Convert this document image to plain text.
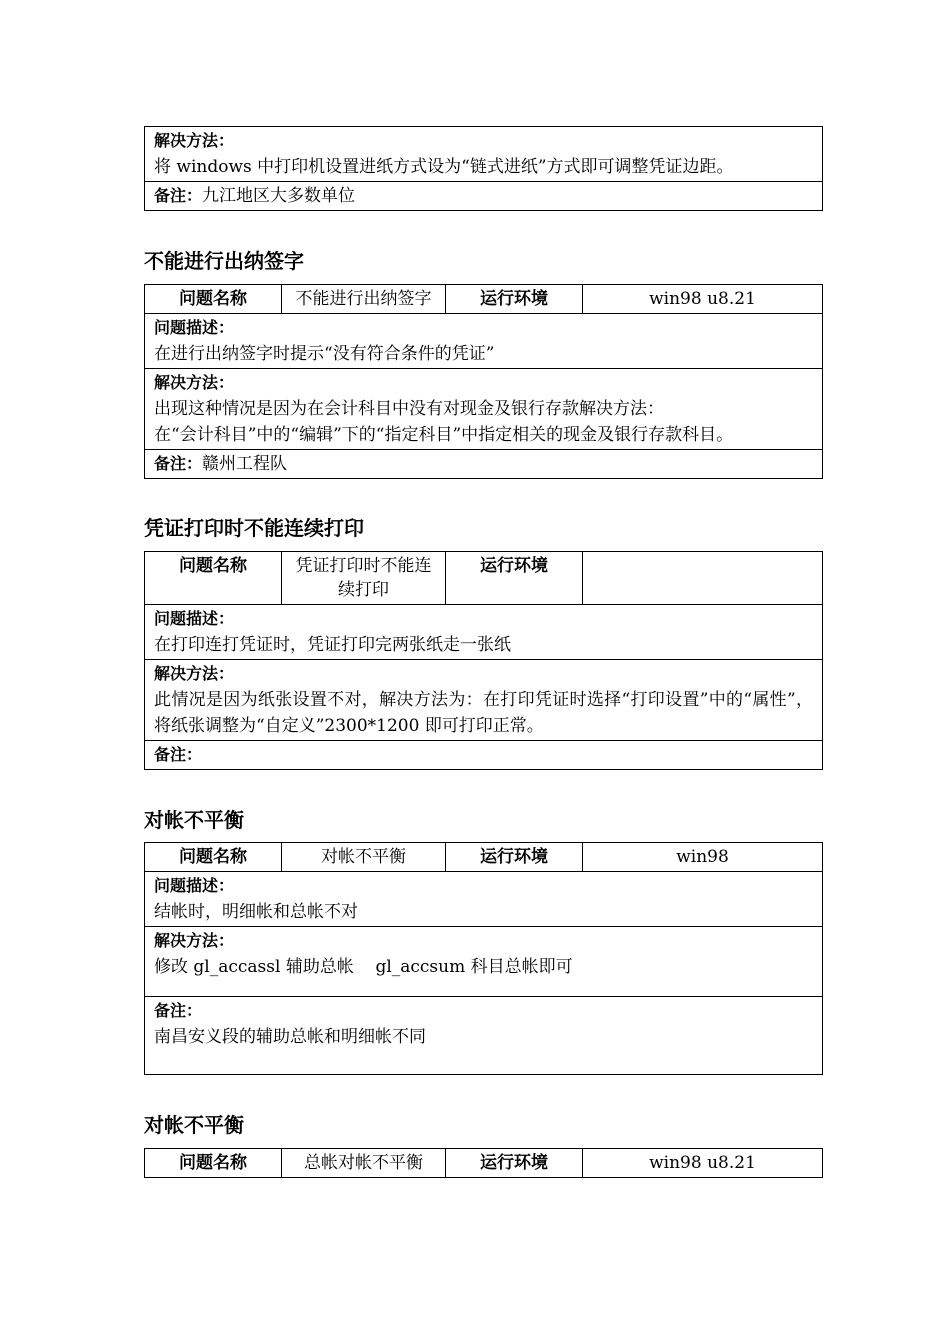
解决方法：
将 windows 中打印机设置进纸方式设为“链式进纸”方式即可调整凭证边距。

备注：九江地区大多数单位
不能进行出纳签字
问题名称	不能进行出纳签字	运行环境	win98 u8.21

问题描述：
在进行出纳签字时提示“没有符合条件的凭证”

解决方法：
出现这种情况是因为在会计科目中没有对现金及银行存款解决方法：
在“会计科目”中的“编辑”下的“指定科目”中指定相关的现金及银行存款科目。

备注：赣州工程队
凭证打印时不能连续打印
问题名称	凭证打印时不能连续打印	运行环境	

问题描述：
在打印连打凭证时，凭证打印完两张纸走一张纸

解决方法：
此情况是因为纸张设置不对，解决方法为：在打印凭证时选择“打印设置”中的“属性”，将纸张调整为“自定义”2300*1200 即可打印正常。

备注：
对帐不平衡
问题名称	对帐不平衡	运行环境	win98

问题描述：
结帐时，明细帐和总帐不对

解决方法：
修改 gl_accassl 辅助总帐    gl_accsum 科目总帐即可

备注：
南昌安义段的辅助总帐和明细帐不同
对帐不平衡
问题名称	总帐对帐不平衡	运行环境	win98 u8.21
